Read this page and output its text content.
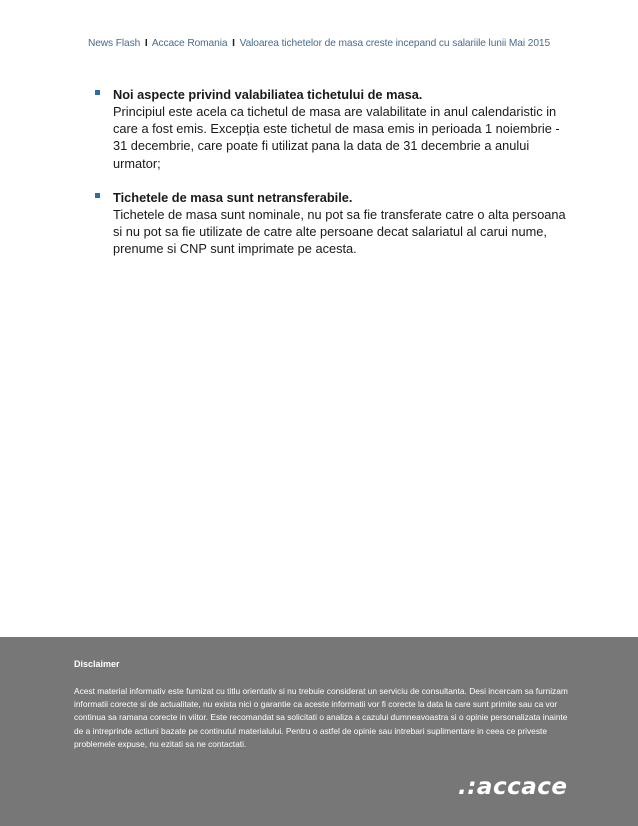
News Flash I Accace Romania I Valoarea tichetelor de masa creste incepand cu salariile lunii Mai 2015
Noi aspecte privind valabiliatea tichetului de masa.
Principiul este acela ca tichetul de masa are valabilitate in anul calendaristic in care a fost emis. Excepția este tichetul de masa emis in perioada 1 noiembrie - 31 decembrie, care poate fi utilizat pana la data de 31 decembrie a anului urmator;
Tichetele de masa sunt netransferabile.
Tichetele de masa sunt nominale, nu pot sa fie transferate catre o alta persoana si nu pot sa fie utilizate de catre alte persoane decat salariatul al carui nume, prenume si CNP sunt imprimate pe acesta.
Disclaimer
Acest material informativ este furnizat cu titlu orientativ si nu trebuie considerat un serviciu de consultanta. Desi incercam sa furnizam informatii corecte si de actualitate, nu exista nici o garantie ca aceste informatii vor fi corecte la data la care sunt primite sau ca vor continua sa ramana corecte in viitor. Este recomandat sa solicitati o analiza a cazului dumneavoastra si o opinie personalizata inainte de a intreprinde actiuni bazate pe continutul materialului. Pentru o astfel de opinie sau intrebari suplimentare in ceea ce priveste problemele expuse, nu ezitati sa ne contactati.
.:accace
